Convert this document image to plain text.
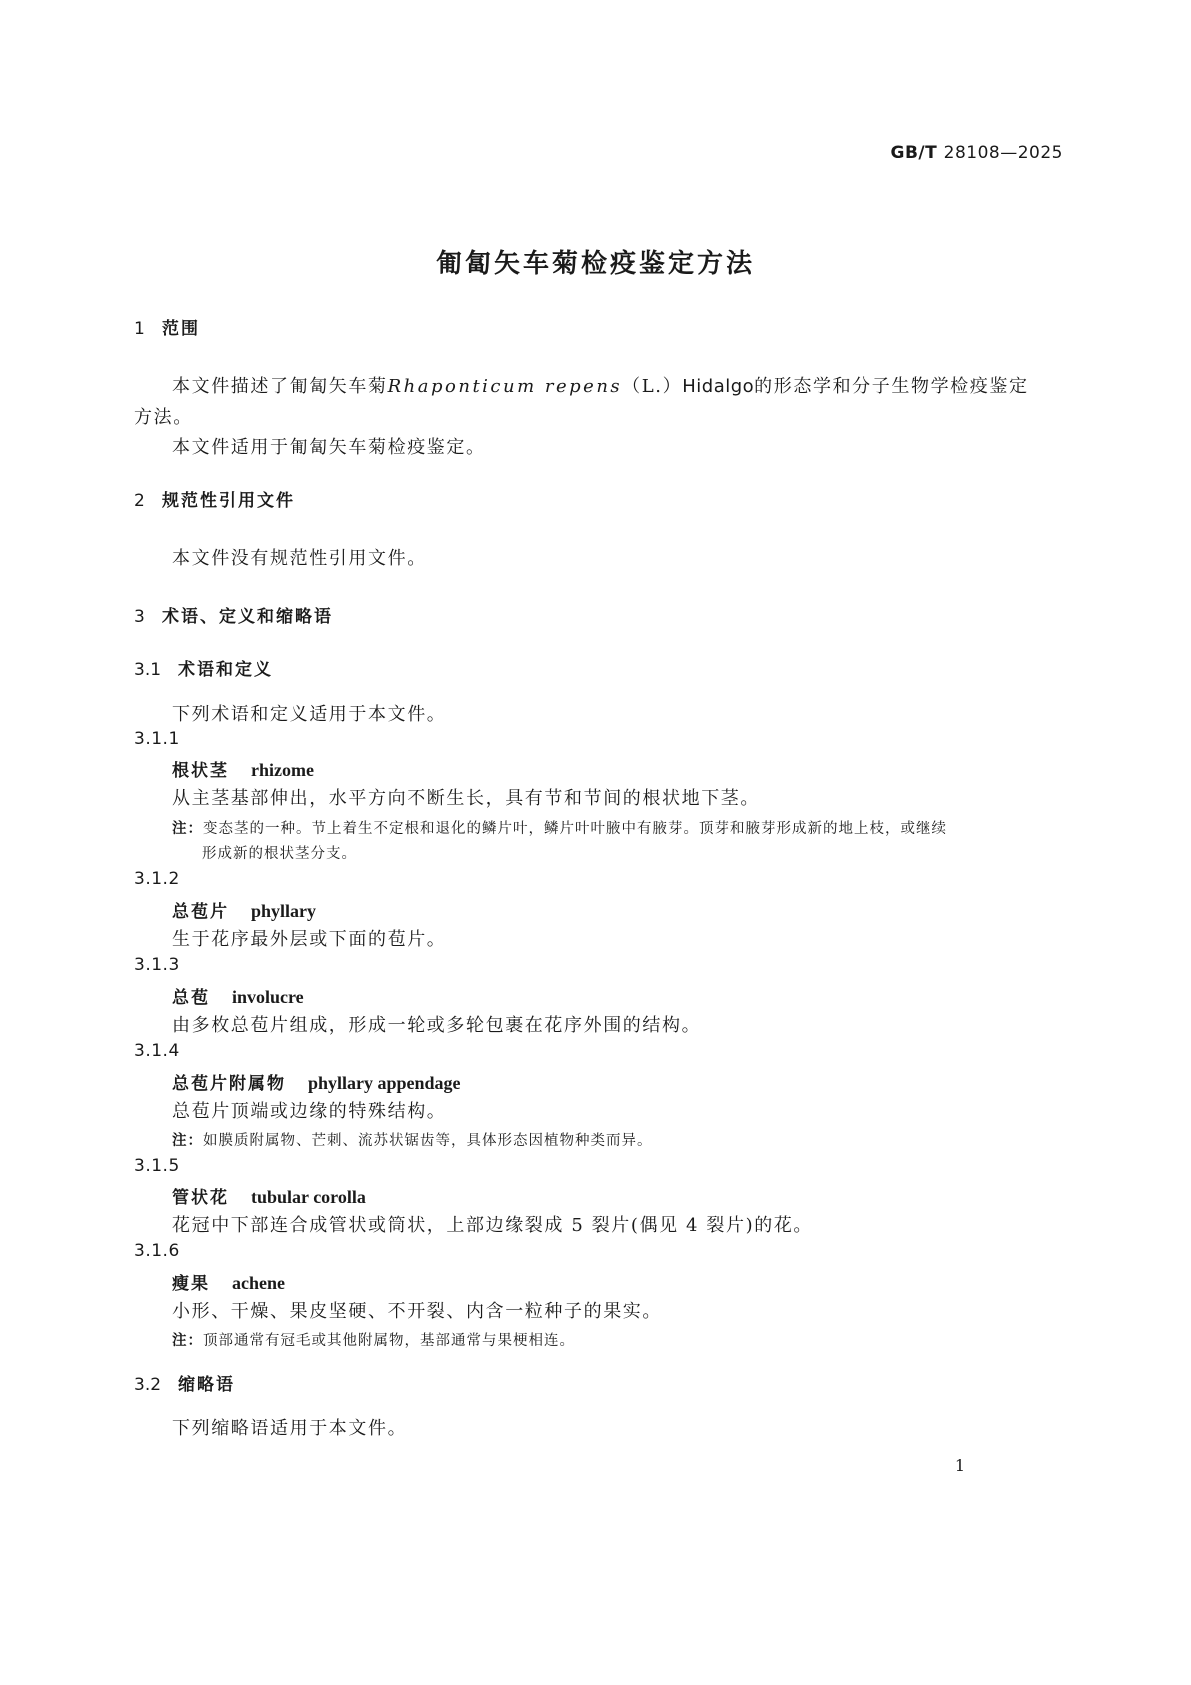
GB/T 28108—2025
匍匐矢车菊检疫鉴定方法
1 范围
本文件描述了匍匐矢车菊Rhaponticum repens（L.）Hidalgo的形态学和分子生物学检疫鉴定
方法。
本文件适用于匍匐矢车菊检疫鉴定。
2 规范性引用文件
本文件没有规范性引用文件。
3 术语、定义和缩略语
3.1 术语和定义
下列术语和定义适用于本文件。
3.1.1
根状茎 rhizome
从主茎基部伸出，水平方向不断生长，具有节和节间的根状地下茎。
注：变态茎的一种。节上着生不定根和退化的鳞片叶，鳞片叶叶腋中有腋芽。顶芽和腋芽形成新的地上枝，或继续
形成新的根状茎分支。
3.1.2
总苞片 phyllary
生于花序最外层或下面的苞片。
3.1.3
总苞 involucre
由多枚总苞片组成，形成一轮或多轮包裹在花序外围的结构。
3.1.4
总苞片附属物 phyllary appendage
总苞片顶端或边缘的特殊结构。
注：如膜质附属物、芒刺、流苏状锯齿等，具体形态因植物种类而异。
3.1.5
管状花 tubular corolla
花冠中下部连合成管状或筒状，上部边缘裂成 5 裂片(偶见 4 裂片)的花。
3.1.6
瘦果 achene
小形、干燥、果皮坚硬、不开裂、内含一粒种子的果实。
注：顶部通常有冠毛或其他附属物，基部通常与果梗相连。
3.2 缩略语
下列缩略语适用于本文件。
1
